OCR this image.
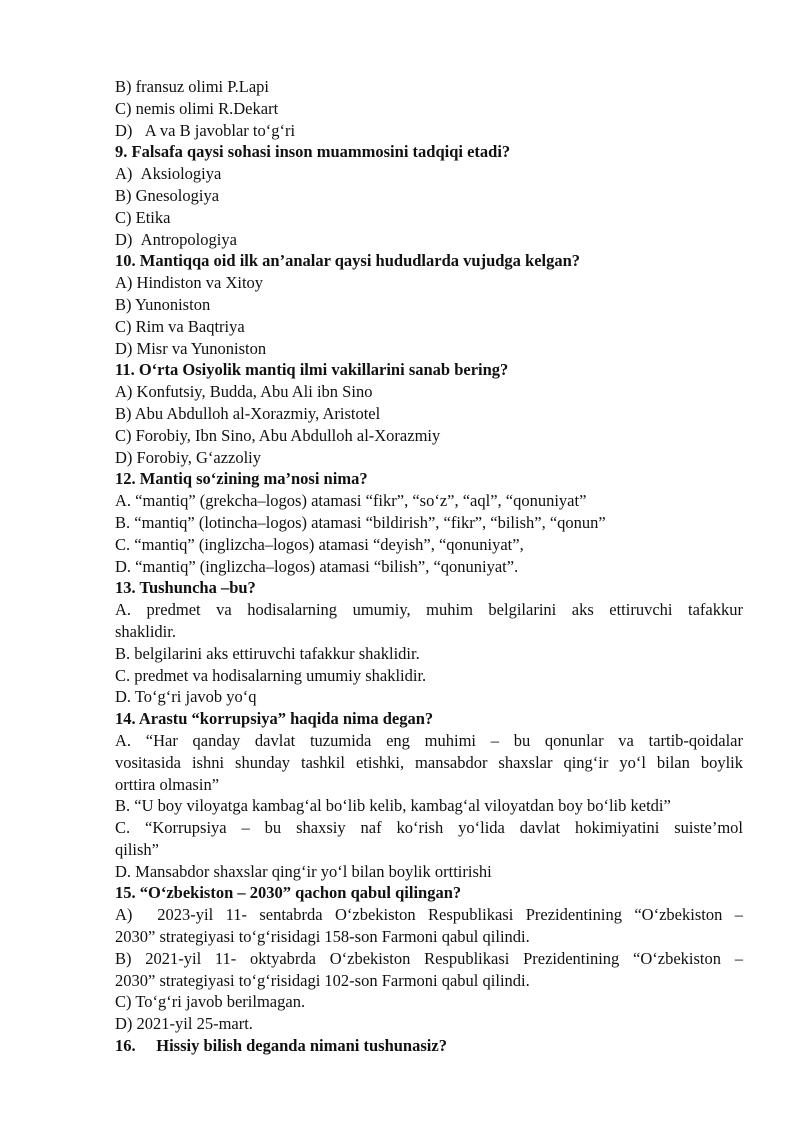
B) fransuz olimi P.Lapi
C) nemis olimi R.Dekart
D)   A va B javoblar to‘g‘ri
9. Falsafa qaysi sohasi inson muammosini tadqiqi etadi?
A)  Aksiologiya
B) Gnesologiya
C) Etika
D)  Antropologiya
10. Mantiqqa oid ilk an’analar qaysi hududlarda vujudga kelgan?
A) Hindiston va Xitoy
B) Yunoniston
C) Rim va Baqtriya
D) Misr va Yunoniston
11. O‘rta Osiyolik mantiq ilmi vakillarini sanab bering?
A) Konfutsiy, Budda, Abu Ali ibn Sino
B) Abu Abdulloh al-Xorazmiy, Aristotel
C) Forobiy, Ibn Sino, Abu Abdulloh al-Xorazmiy
D) Forobiy, G‘azzoliy
12. Mantiq so‘zining ma’nosi nima?
A. “mantiq” (grekcha–logos) atamasi “fikr”, “so‘z”, “aql”, “qonuniyat”
B. “mantiq” (lotincha–logos) atamasi “bildirish”, “fikr”, “bilish”, “qonun”
C. “mantiq” (inglizcha–logos) atamasi “deyish”, “qonuniyat”,
D. “mantiq” (inglizcha–logos) atamasi “bilish”, “qonuniyat”.
13. Tushuncha –bu?
A. predmet va hodisalarning umumiy, muhim belgilarini aks ettiruvchi tafakkur
shaklidir.
B. belgilarini aks ettiruvchi tafakkur shaklidir.
C. predmet va hodisalarning umumiy shaklidir.
D. To‘g‘ri javob yo‘q
14. Arastu “korrupsiya” haqida nima degan?
A. “Har qanday davlat tuzumida eng muhimi – bu qonunlar va tartib-qoidalar
vositasida ishni shunday tashkil etishki, mansabdor shaxslar qing‘ir yo‘l bilan boylik
orttira olmasin”
B. “U boy viloyatga kambag‘al bo‘lib kelib, kambag‘al viloyatdan boy bo‘lib ketdi”
C. “Korrupsiya – bu shaxsiy naf ko‘rish yo‘lida davlat hokimiyatini suiste’mol
qilish”
D. Mansabdor shaxslar qing‘ir yo‘l bilan boylik orttirishi
15. “O‘zbekiston – 2030” qachon qabul qilingan?
A)  2023-yil 11- sentabrda O‘zbekiston Respublikasi Prezidentining “O‘zbekiston –
2030” strategiyasi to‘g‘risidagi 158-son Farmoni qabul qilindi.
B) 2021-yil 11- oktyabrda O‘zbekiston Respublikasi Prezidentining “O‘zbekiston –
2030” strategiyasi to‘g‘risidagi 102-son Farmoni qabul qilindi.
C) To‘g‘ri javob berilmagan.
D) 2021-yil 25-mart.
16.     Hissiy bilish deganda nimani tushunasiz?
